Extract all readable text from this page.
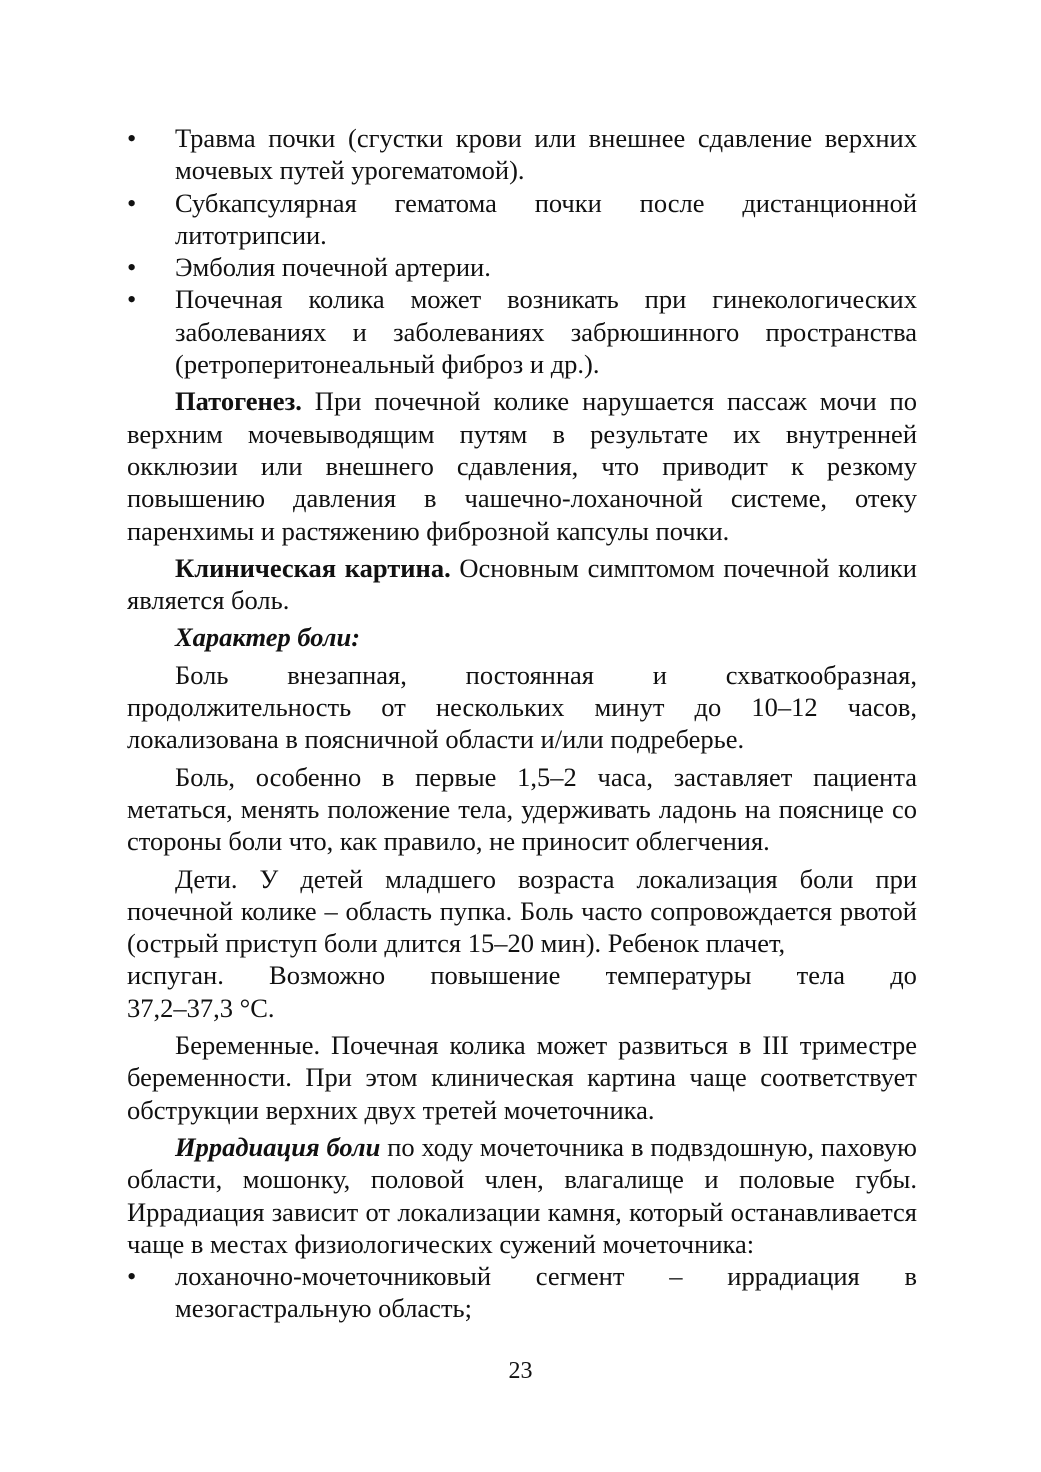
• Травма почки (сгустки крови или внешнее сдавление верхних мочевых путей урогематомой).
• Субкапсулярная гематома почки после дистанционной литотрипсии.
• Эмболия почечной артерии.
• Почечная колика может возникать при гинекологических заболеваниях и заболеваниях забрюшинного пространства (ретроперитонеальный фиброз и др.).

Патогенез. При почечной колике нарушается пассаж мочи по верхним мочевыводящим путям в результате их внутренней окклюзии или внешнего сдавления, что приводит к резкому повышению давления в чашечно-лоханочной системе, отеку паренхимы и растяжению фиброзной капсулы почки.

Клиническая картина. Основным симптомом почечной колики является боль.

Характер боли:

Боль внезапная, постоянная и схваткообразная, продолжительность от нескольких минут до 10–12 часов, локализована в поясничной области и/или подреберье.

Боль, особенно в первые 1,5–2 часа, заставляет пациента метаться, менять положение тела, удерживать ладонь на пояснице со стороны боли что, как правило, не приносит облегчения.

Дети. У детей младшего возраста локализация боли при почечной колике – область пупка. Боль часто сопровождается рвотой (острый приступ боли длится 15–20 мин). Ребенок плачет,

испуган. Возможно повышение температуры тела до
37,2–37,3 °С.

Беременные. Почечная колика может развиться в III триместре беременности. При этом клиническая картина чаще соответствует обструкции верхних двух третей мочеточника.

Иррадиация боли по ходу мочеточника в подвздошную, паховую области, мошонку, половой член, влагалище и половые губы. Иррадиация зависит от локализации камня, который останавливается чаще в местах физиологических сужений мочеточника:

• лоханочно-мочеточниковый сегмент – иррадиация в мезогастральную область;
23
